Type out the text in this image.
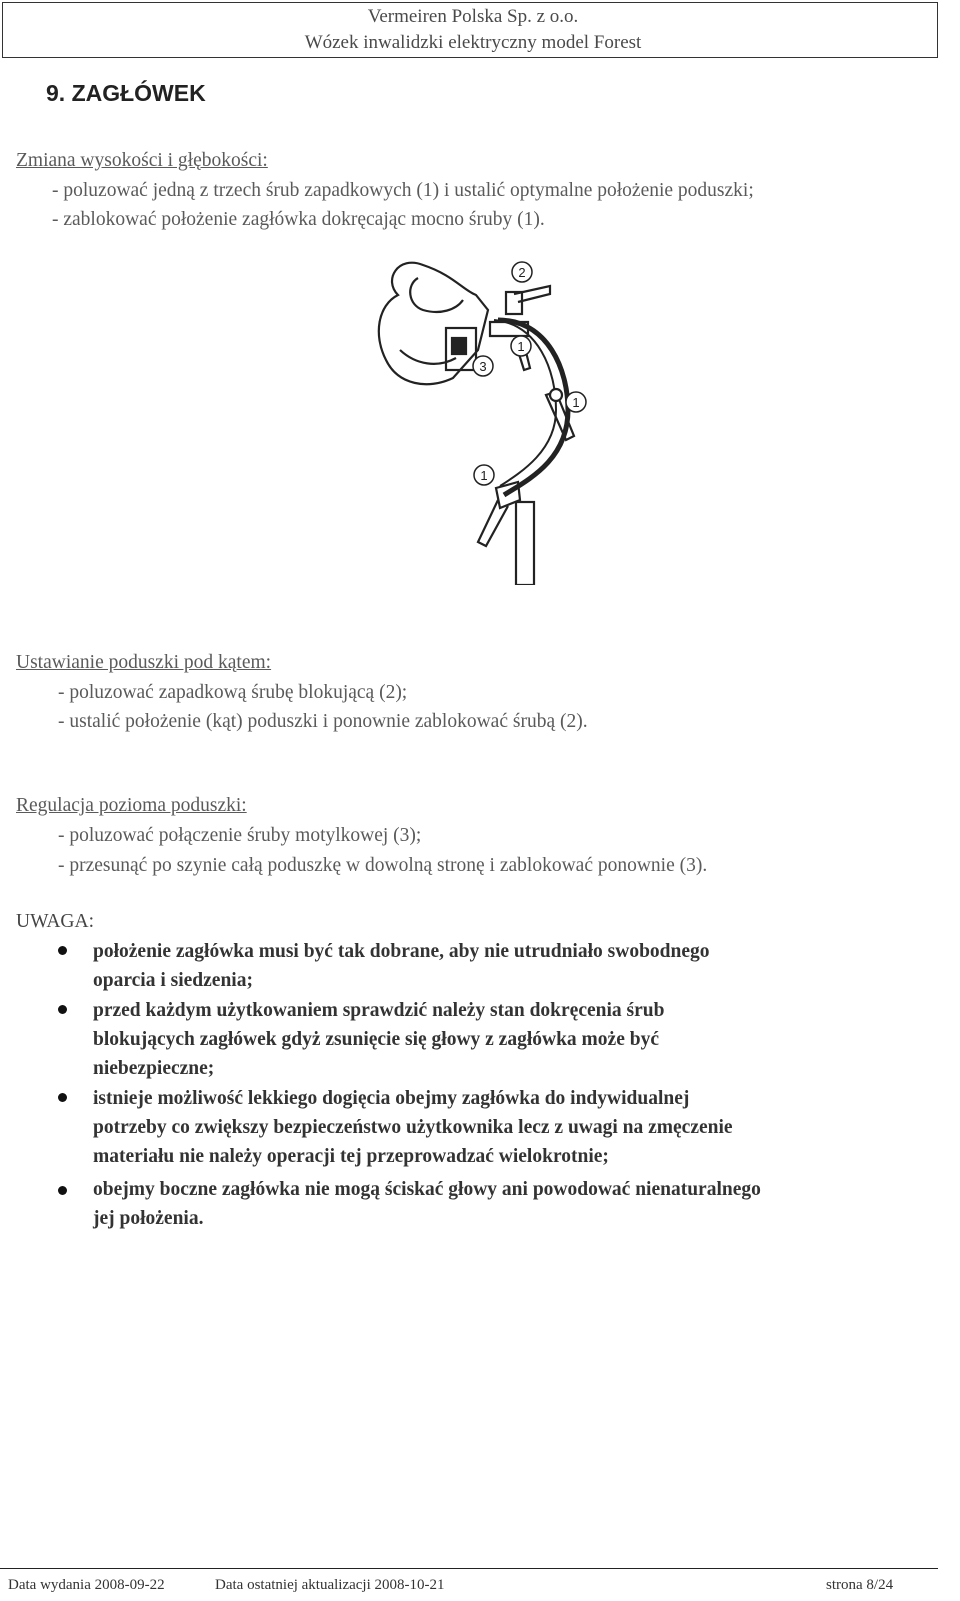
Vermeiren Polska Sp. z o.o.
Wózek inwalidzki elektryczny model Forest
9. ZAGŁÓWEK
Zmiana wysokości i głębokości:
- poluzować jedną z trzech śrub zapadkowych (1) i ustalić optymalne położenie poduszki;
- zablokować położenie zagłówka dokręcając mocno śruby (1).
2
1
3
1
1
Ustawianie poduszki pod kątem:
- poluzować zapadkową śrubę blokującą (2);
- ustalić położenie (kąt) poduszki i ponownie zablokować śrubą (2).
Regulacja pozioma poduszki:
- poluzować połączenie śruby motylkowej (3);
- przesunąć po szynie całą poduszkę w dowolną stronę i zablokować ponownie (3).
UWAGA:
położenie zagłówka musi być tak dobrane, aby nie utrudniało swobodnego
oparcia i siedzenia;
przed każdym użytkowaniem sprawdzić należy stan dokręcenia śrub
blokujących zagłówek gdyż zsunięcie się głowy z zagłówka może być
niebezpieczne;
istnieje możliwość lekkiego dogięcia obejmy zagłówka do indywidualnej
potrzeby co zwiększy bezpieczeństwo użytkownika lecz z uwagi na zmęczenie
materiału nie należy operacji tej przeprowadzać wielokrotnie;
obejmy boczne zagłówka nie mogą ściskać głowy ani powodować nienaturalnego
jej położenia.
Data wydania 2008-09-22	Data ostatniej aktualizacji 2008-10-21	strona 8/24
